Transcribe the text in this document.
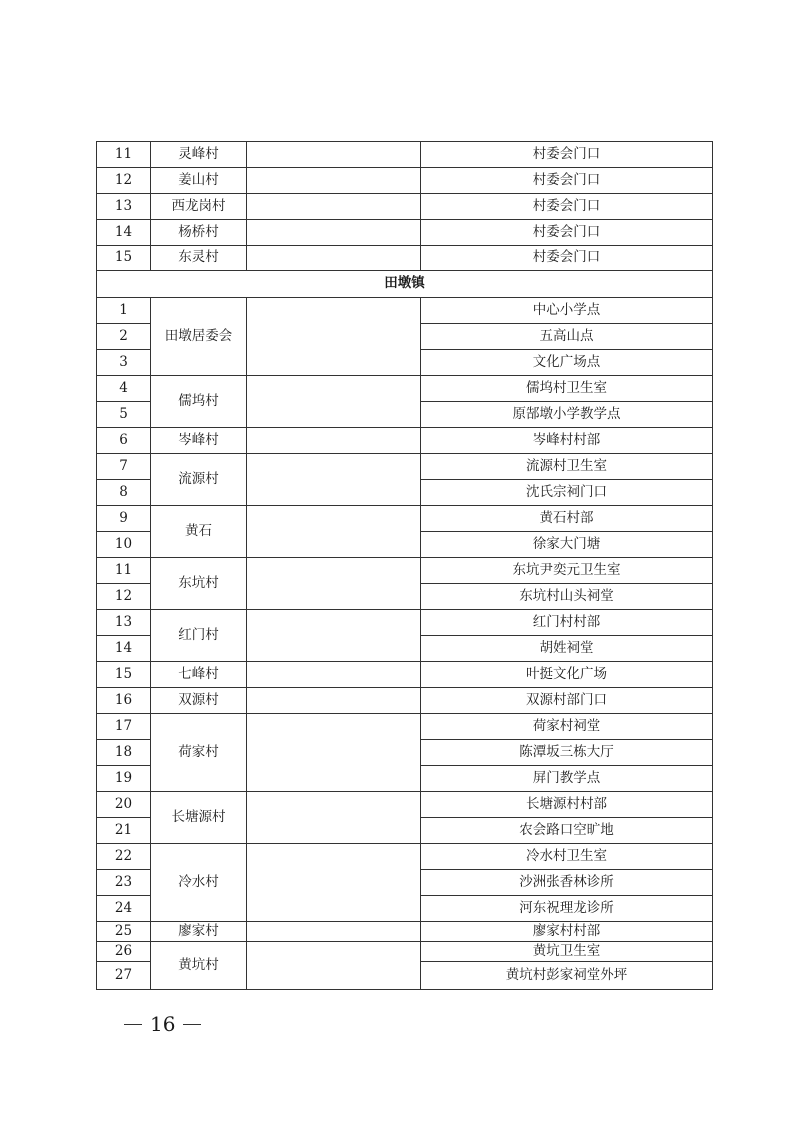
11	灵峰村		村委会门口
12	姜山村		村委会门口
13	西龙岗村		村委会门口
14	杨桥村		村委会门口
15	东灵村		村委会门口
田墩镇			
1	田墩居委会		中心小学点
2			五高山点
3			文化广场点
4	儒坞村		儒坞村卫生室
5			原郜墩小学教学点
6	岑峰村		岑峰村村部
7	流源村		流源村卫生室
8			沈氏宗祠门口
9	黄石		黄石村部
10			徐家大门塘
11	东坑村		东坑尹奕元卫生室
12			东坑村山头祠堂
13	红门村		红门村村部
14			胡姓祠堂
15	七峰村		叶挺文化广场
16	双源村		双源村部门口
17	荷家村		荷家村祠堂
18			陈潭坂三栋大厅
19			屏门教学点
20	长塘源村		长塘源村村部
21			农会路口空旷地
22	冷水村		冷水村卫生室
23			沙洲张香林诊所
24			河东祝理龙诊所
25	廖家村		廖家村村部
26	黄坑村		黄坑卫生室
27			黄坑村彭家祠堂外坪
16
